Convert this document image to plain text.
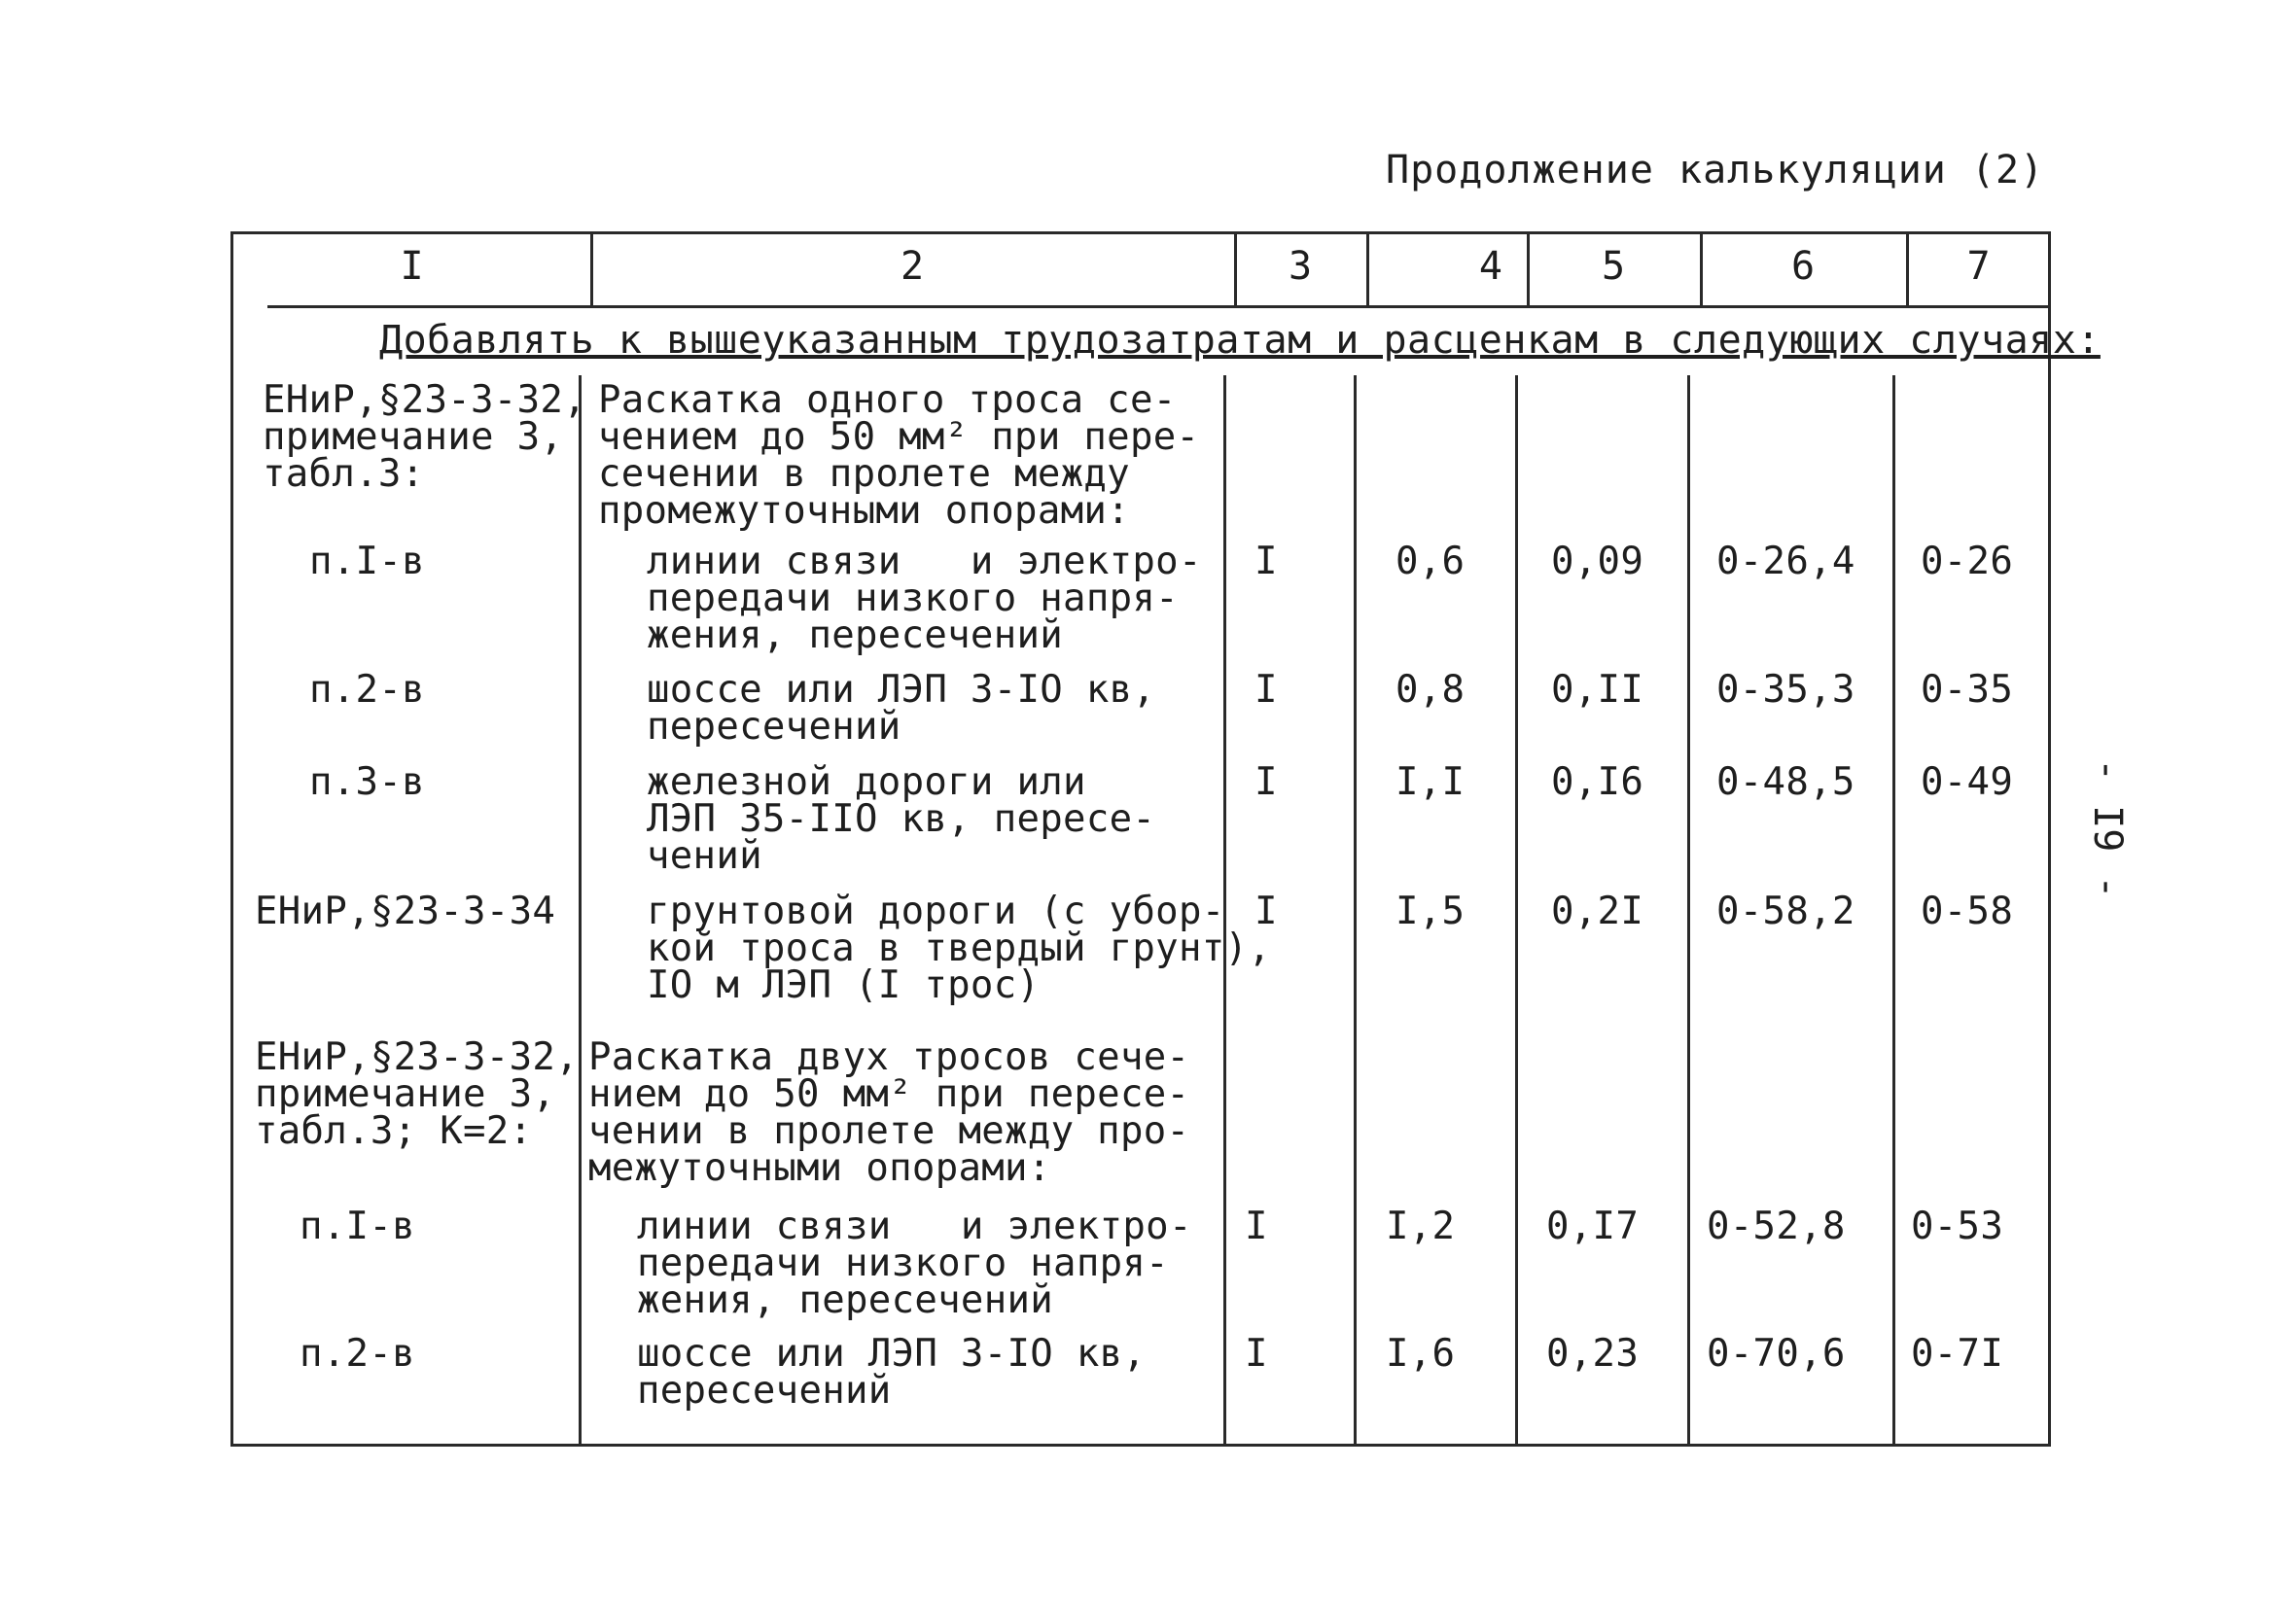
Продолжение калькуляции (2)
I	2	3	4	5	6	7
Добавлять к вышеуказанным трудозатратам и расценкам в следующих случаях:
ЕНиР,§23-3-32,
примечание 3,
табл.3:
Раскатка одного троса се-
чением до 50 мм² при пере-
сечении в пролете между
промежуточными опорами:
п.I-в	линии связи   и электро-
передачи низкого напря-
жения, пересечений
I	0,6 0,09 0-26,4 0-26
п.2-в	шоссе или ЛЭП 3-IO кв,
пересечений
I	0,8 0,II 0-35,3 0-35
п.3-в	железной дороги или
ЛЭП 35-IIO кв, пересе-
чений
I	I,I 0,I6 0-48,5 0-49
ЕНиР,§23-3-34 грунтовой дороги (с убор-
кой троса в твердый грунт),
IO м ЛЭП (I трос)
I	I,5 0,2I 0-58,2 0-58
ЕНиР,§23-3-32,
примечание 3,
табл.3; К=2:
Раскатка двух тросов сече-
нием до 50 мм² при пересе-
чении в пролете между про-
межуточными опорами:
п.I-в	линии связи   и электро-
передачи низкого напря-
жения, пересечений
I	I,2 0,I7 0-52,8 0-53
п.2-в	шоссе или ЛЭП 3-IO кв,
пересечений
I	I,6 0,23 0-70,6 0-7I
- I9 -
